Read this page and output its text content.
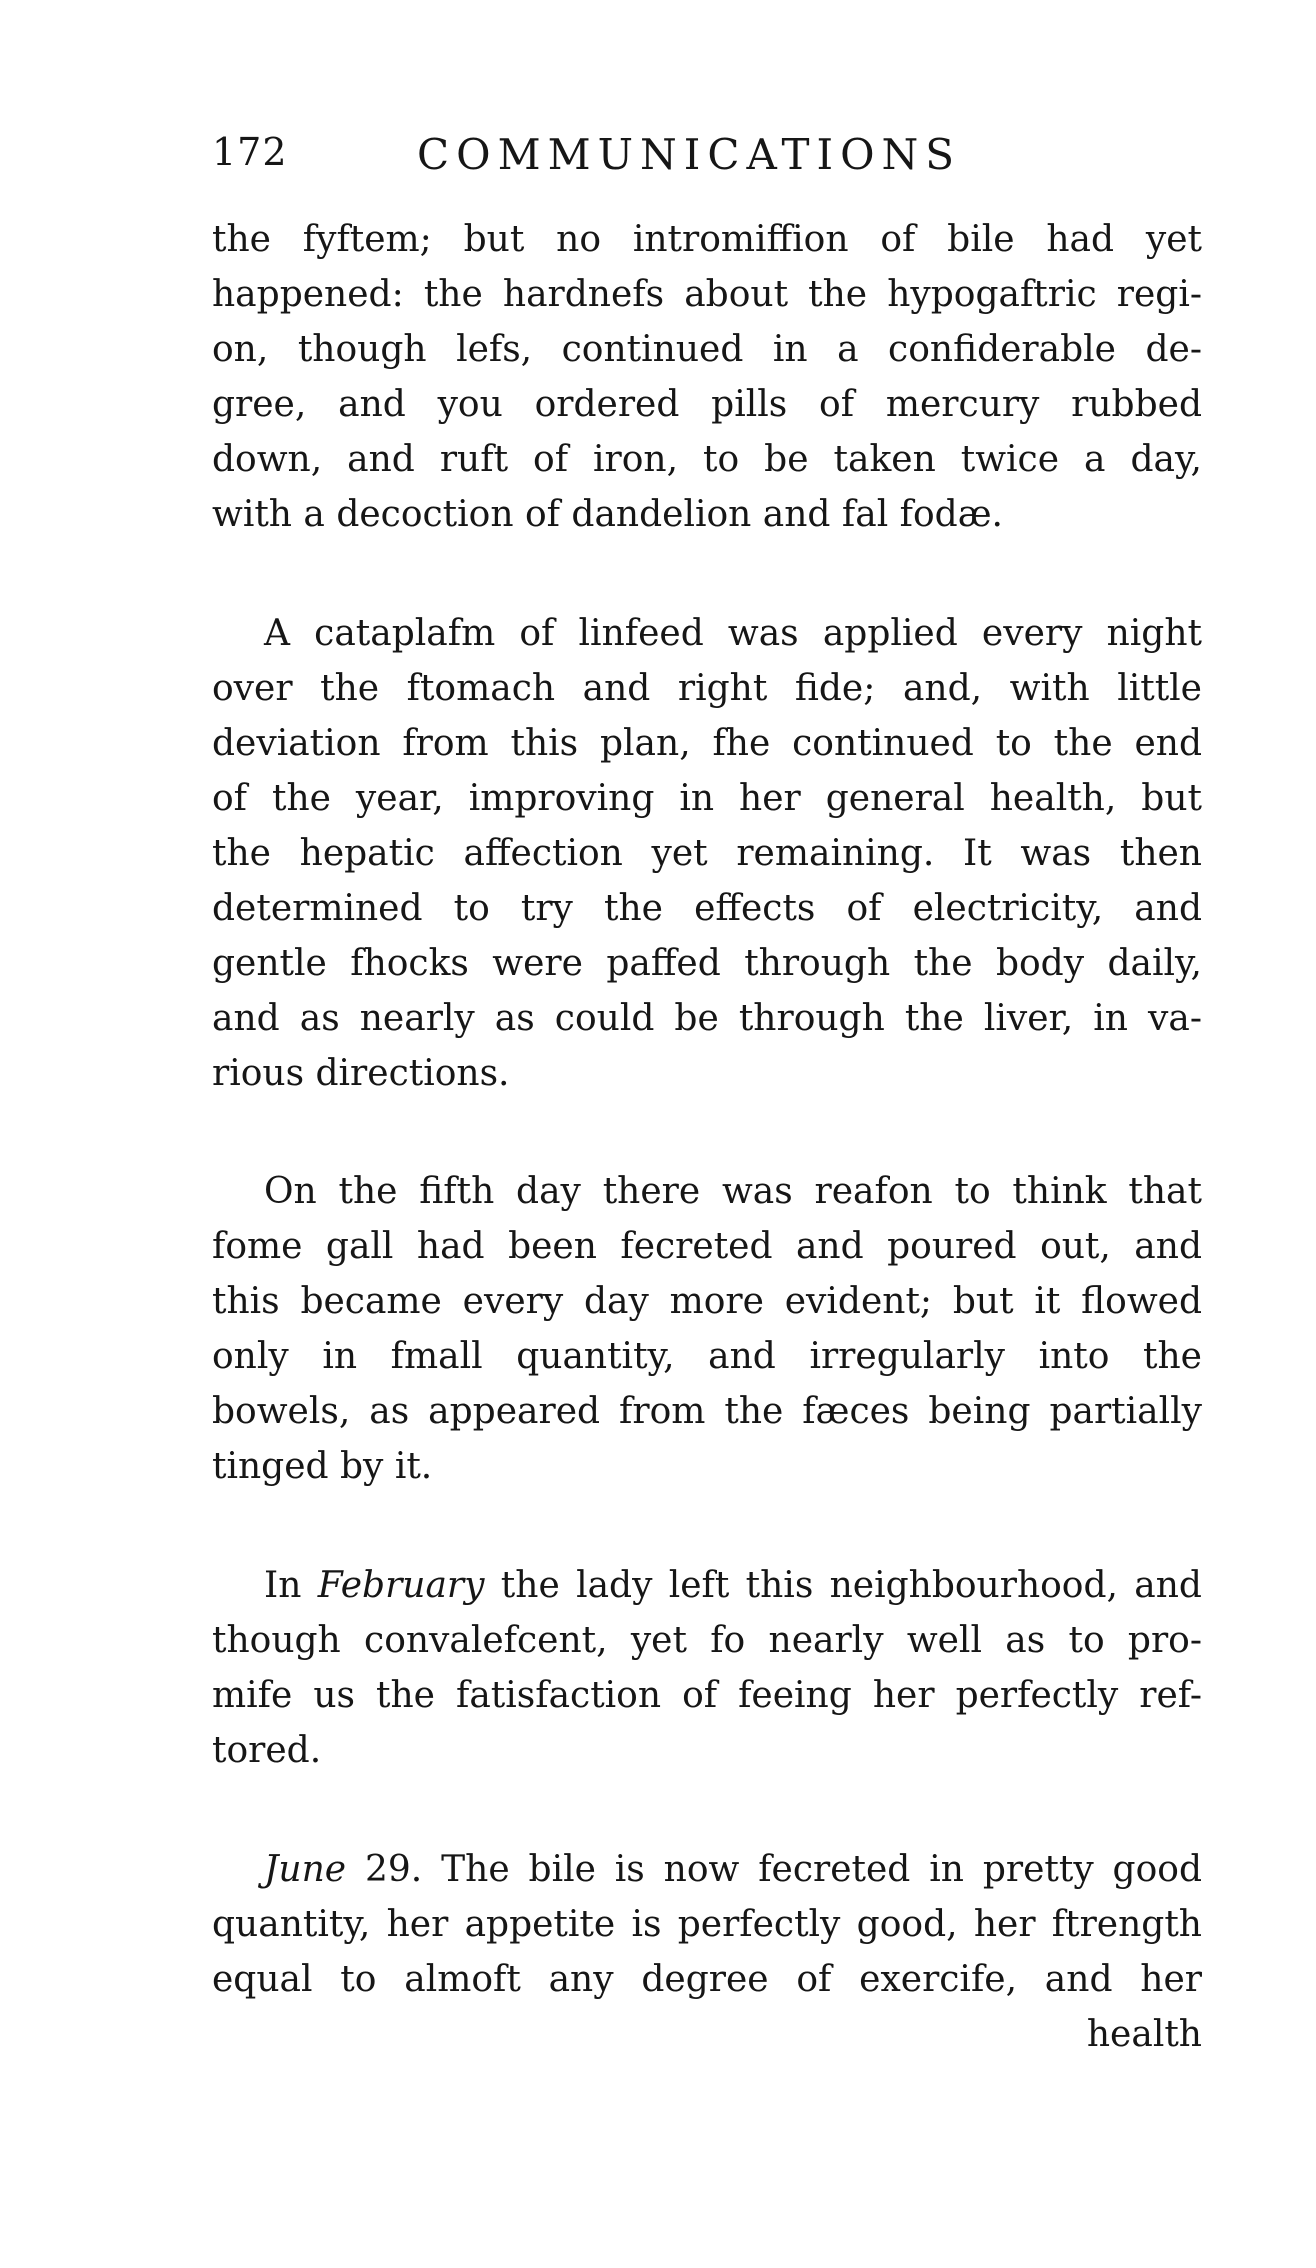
172	COMMUNICATIONS
the fyftem; but no intromiffion of bile had yet
happened: the hardnefs about the hypogaftric regi-
on, though lefs, continued in a confiderable de-
gree, and you ordered pills of mercury rubbed
down, and ruft of iron, to be taken twice a day,
with a decoction of dandelion and fal fodæ.
A cataplafm of linfeed was applied every night
over the ftomach and right fide; and, with little
deviation from this plan, fhe continued to the end
of the year, improving in her general health, but
the hepatic affection yet remaining. It was then
determined to try the effects of electricity, and
gentle fhocks were paffed through the body daily,
and as nearly as could be through the liver, in va-
rious directions.
On the fifth day there was reafon to think that
fome gall had been fecreted and poured out, and
this became every day more evident; but it flowed
only in fmall quantity, and irregularly into the
bowels, as appeared from the fæces being partially
tinged by it.
In February the lady left this neighbourhood, and
though convalefcent, yet fo nearly well as to pro-
mife us the fatisfaction of feeing her perfectly ref-
tored.
June 29. The bile is now fecreted in pretty good
quantity, her appetite is perfectly good, her ftrength
equal to almoft any degree of exercife, and her
health
